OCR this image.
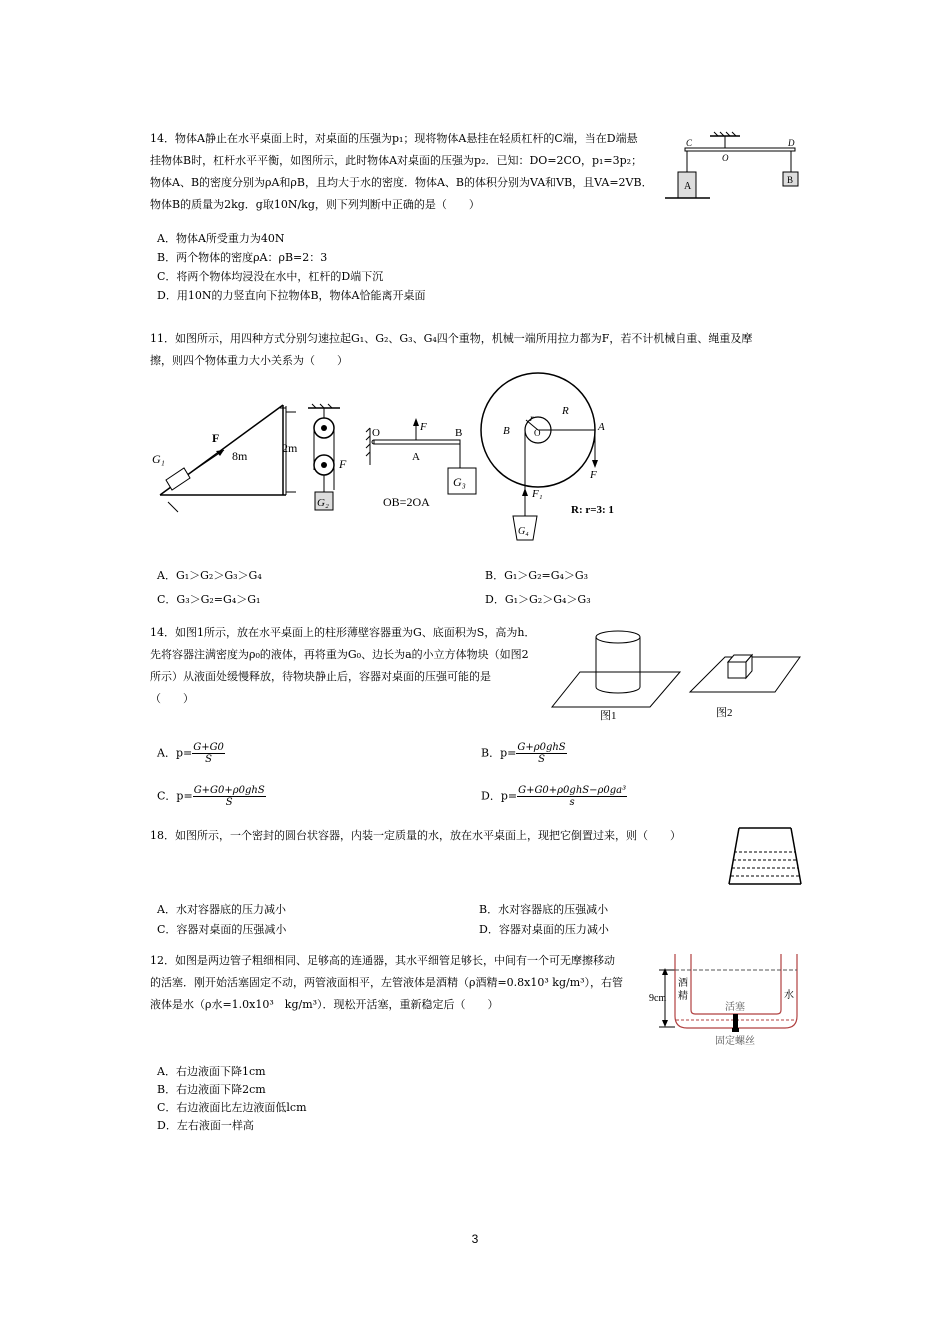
14．物体A静止在水平桌面上时，对桌面的压强为p₁；现将物体A悬挂在轻质杠杆的C端，当在D端悬
挂物体B时，杠杆水平平衡，如图所示，此时物体A对桌面的压强为p₂．已知：DO=2CO，p₁=3p₂；
物体A、B的密度分别为ρA和ρB，且均大于水的密度．物体A、B的体积分别为VA和VB，且VA=2VB．
物体B的质量为2kg．g取10N/kg，则下列判断中正确的是（　　）
A．物体A所受重力为40N
B．两个物体的密度ρA：ρB=2：3
C．将两个物体均浸没在水中，杠杆的D端下沉
D．用10N的力竖直向下拉物体B，物体A恰能离开桌面
C
O
D
A
B
11．如图所示，用四种方式分别匀速拉起G₁、G₂、G₃、G₄四个重物，机械一端所用拉力都为F，若不计机械自重、绳重及摩
擦，则四个物体重力大小关系为（　　）
G₁
F
8m
2m
G₂
F
O	F	B
A
G₃
OB=2OA
r
R
O
B	A
F
F₁
G₄
R: r=3: 1
A．G₁＞G₂＞G₃＞G₄	B．G₁＞G₂=G₄＞G₃
C．G₃＞G₂=G₄＞G₁	D．G₁＞G₂＞G₄＞G₃
14．如图1所示，放在水平桌面上的柱形薄壁容器重为G、底面积为S，高为h．
先将容器注满密度为ρ₀的液体，再将重为G₀、边长为a的小立方体物块（如图2
所示）从液面处缓慢释放，待物块静止后，容器对桌面的压强可能的是
（　　）
图1	图2
A．$p= \frac{G+G0}{S}$	B．$p= \frac{\text{G+ρ0ghS}}{S}$
C．$p= \frac{\text{G+G0+ρ0ghS}}{S}$	D．$p= \frac{\text{G+G0+ρ0ghS−ρ0ga³}}{s}$
18．如图所示，一个密封的圆台状容器，内装一定质量的水，放在水平桌面上，现把它倒置过来，则（　　）
A．水对容器底的压力减小	B．水对容器底的压强减小
C．容器对桌面的压强减小	D．容器对桌面的压力减小
12．如图是两边管子粗细相同、足够高的连通器，其水平细管足够长，中间有一个可无摩擦移动
的活塞．刚开始活塞固定不动，两管液面相平，左管液体是酒精（ρ酒精=0.8x10³ kg/m³），右管
液体是水（ρ水=1.0x10³　kg/m³）．现松开活塞，重新稳定后（　　）	9cm
酒
精	水
活塞
固定螺丝
A．右边液面下降1cm
B．右边液面下降2cm
C．右边液面比左边液面低lcm
D．左右液面一样高
3
